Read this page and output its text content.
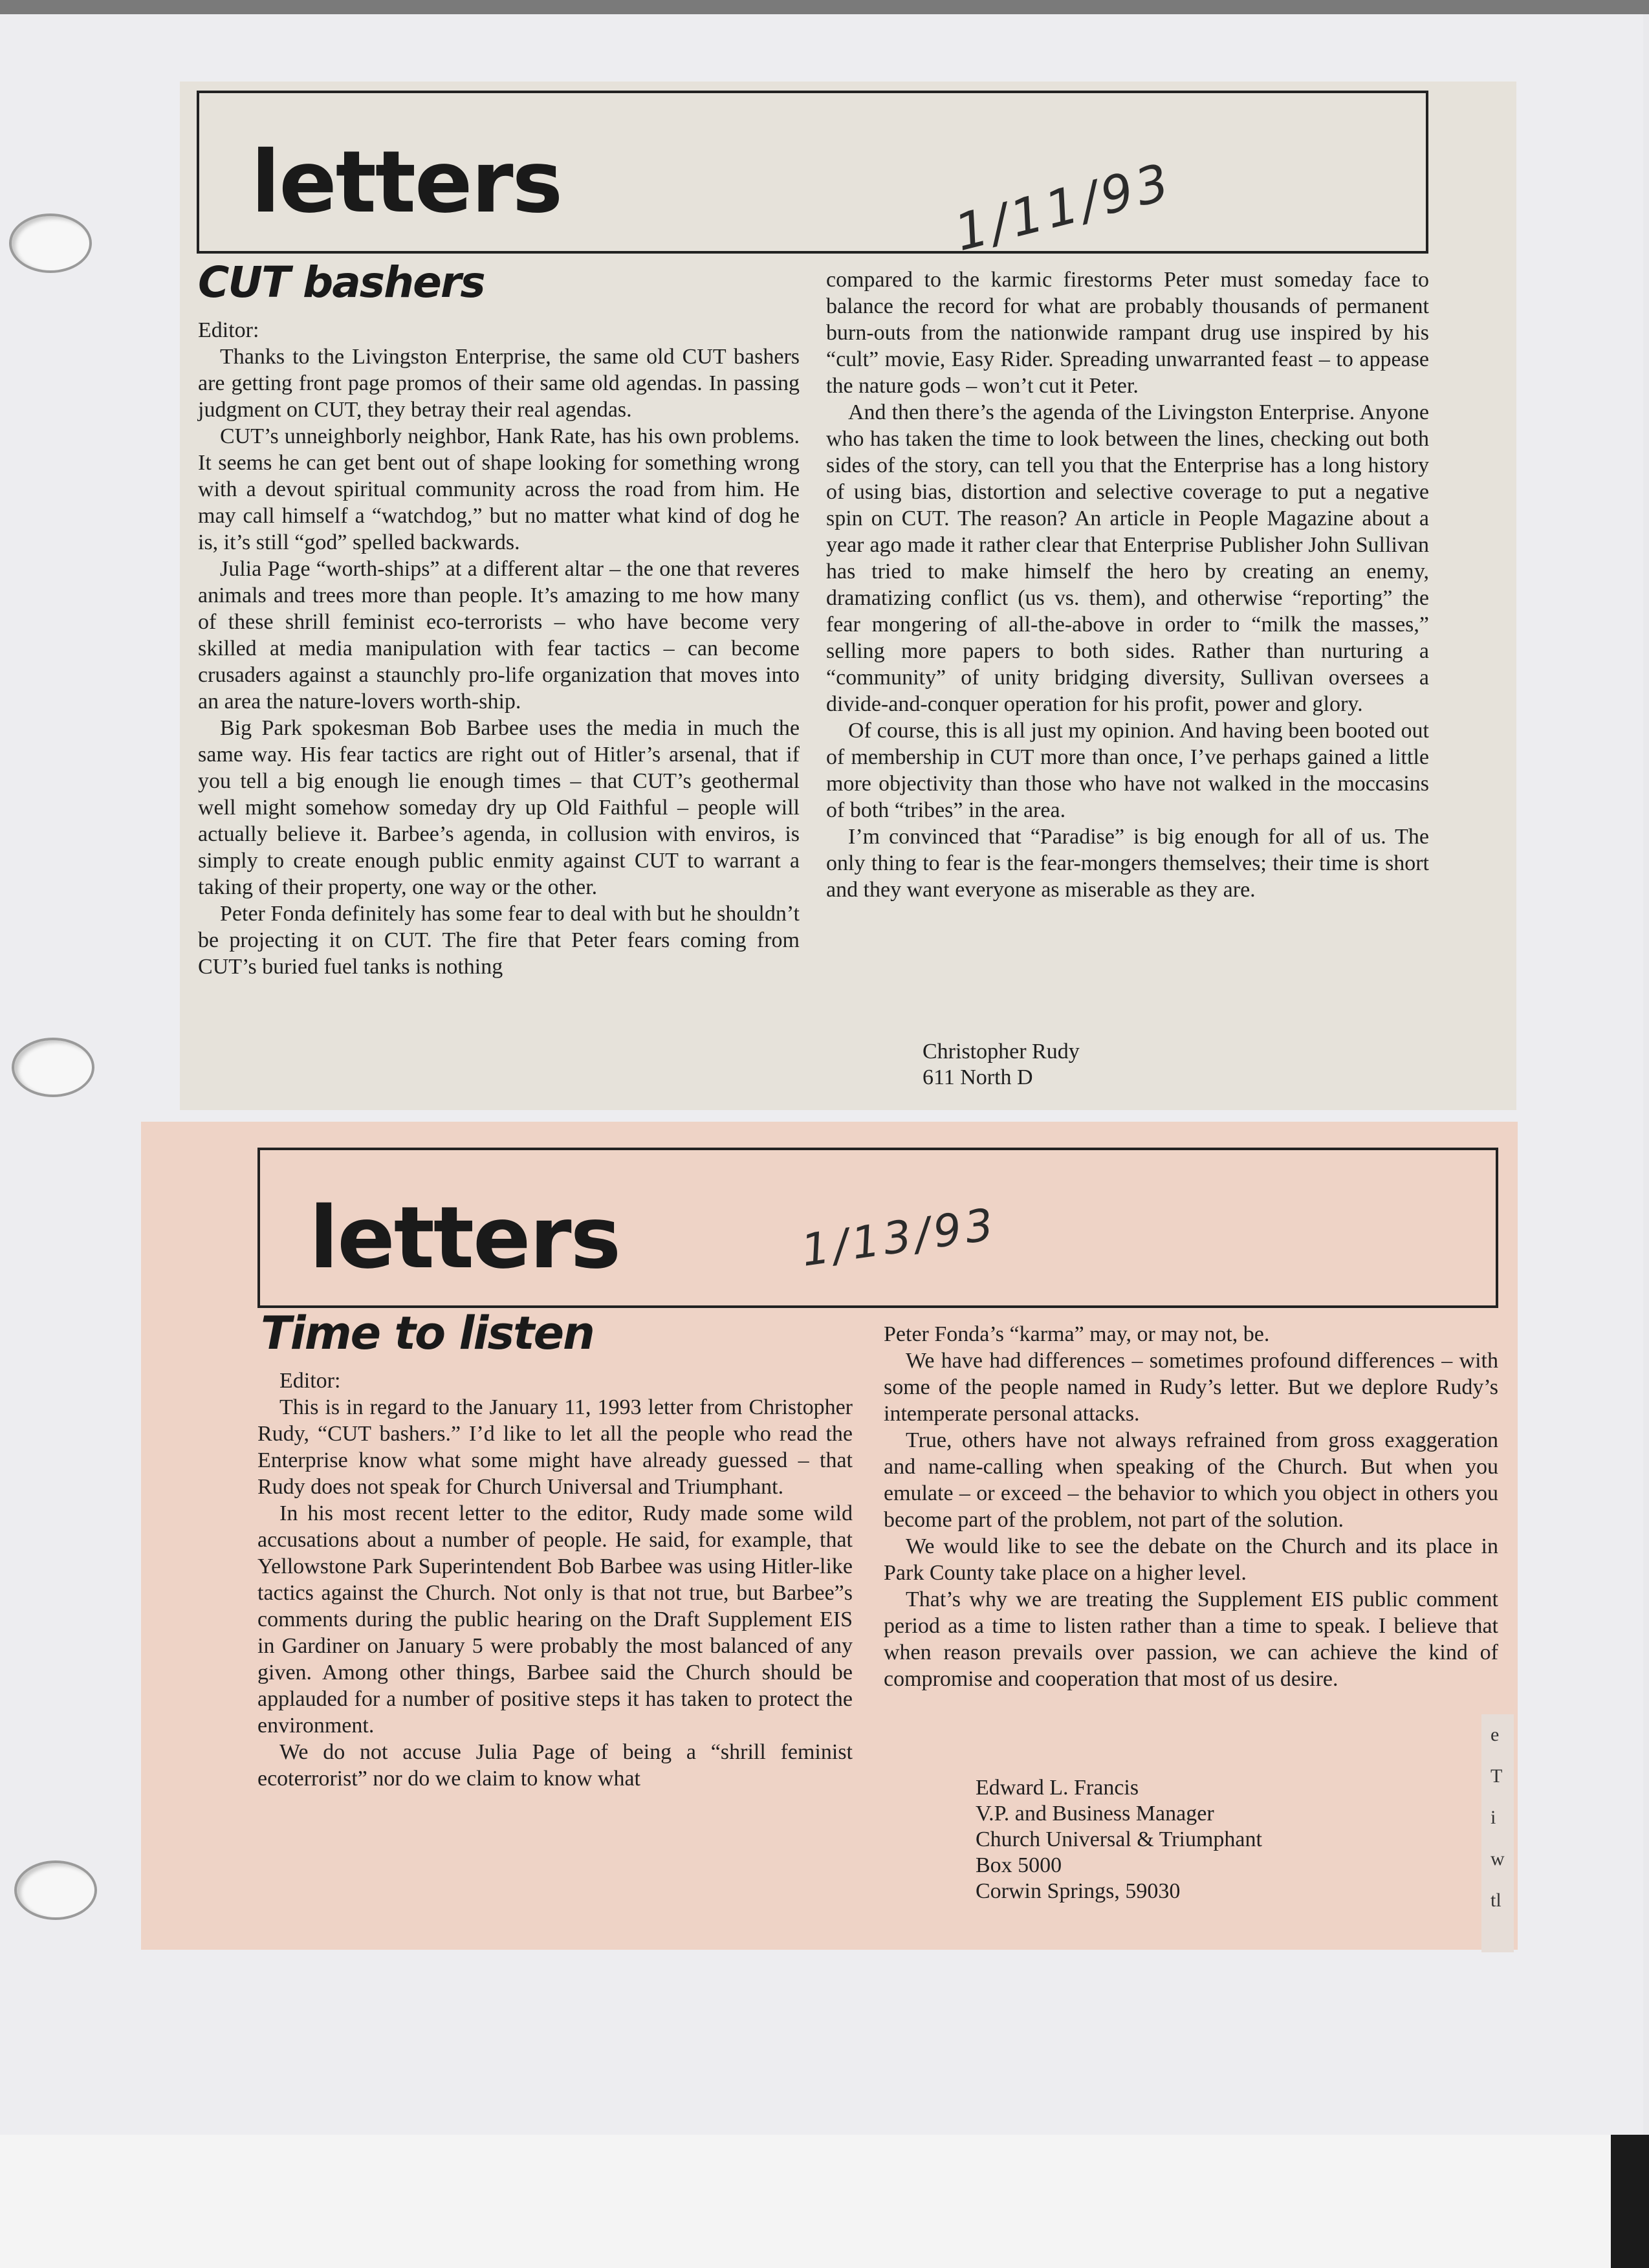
letters	1/11/93
CUT bashers

Editor:

Thanks to the Livingston Enterprise, the same old CUT bashers are getting front page promos of their same old agendas. In passing judgment on CUT, they betray their real agendas.

CUT’s unneighborly neighbor, Hank Rate, has his own problems. It seems he can get bent out of shape looking for something wrong with a devout spiritual community across the road from him. He may call himself a “watchdog,” but no matter what kind of dog he is, it’s still “god” spelled backwards.

Julia Page “worth-ships” at a different altar – the one that reveres animals and trees more than people. It’s amazing to me how many of these shrill feminist eco-terrorists – who have become very skilled at media manipulation with fear tactics – can become crusaders against a staunchly pro-life organization that moves into an area the nature-lovers worth-ship.

Big Park spokesman Bob Barbee uses the media in much the same way. His fear tactics are right out of Hitler’s arsenal, that if you tell a big enough lie enough times – that CUT’s geothermal well might somehow someday dry up Old Faithful – people will actually believe it. Barbee’s agenda, in collusion with enviros, is simply to create enough public enmity against CUT to warrant a taking of their property, one way or the other.

Peter Fonda definitely has some fear to deal with but he shouldn’t be projecting it on CUT. The fire that Peter fears coming from CUT’s buried fuel tanks is nothing

compared to the karmic firestorms Peter must someday face to balance the record for what are probably thousands of permanent burn-outs from the nationwide rampant drug use inspired by his “cult” movie, Easy Rider. Spreading unwarranted feast – to appease the nature gods – won’t cut it Peter.

And then there’s the agenda of the Livingston Enterprise. Anyone who has taken the time to look between the lines, checking out both sides of the story, can tell you that the Enterprise has a long history of using bias, distortion and selective coverage to put a negative spin on CUT. The reason? An article in People Magazine about a year ago made it rather clear that Enterprise Publisher John Sullivan has tried to make himself the hero by creating an enemy, dramatizing conflict (us vs. them), and otherwise “reporting” the fear mongering of all-the-above in order to “milk the masses,” selling more papers to both sides. Rather than nurturing a “community” of unity bridging diversity, Sullivan oversees a divide-and-conquer operation for his profit, power and glory.

Of course, this is all just my opinion. And having been booted out of membership in CUT more than once, I’ve perhaps gained a little more objectivity than those who have not walked in the moccasins of both “tribes” in the area.

I’m convinced that “Paradise” is big enough for all of us. The only thing to fear is the fear-mongers themselves; their time is short and they want everyone as miserable as they are.

Christopher Rudy
611 North D
letters	1/13/93
Time to listen

Editor:

This is in regard to the January 11, 1993 letter from Christopher Rudy, “CUT bashers.” I’d like to let all the people who read the Enterprise know what some might have already guessed – that Rudy does not speak for Church Universal and Triumphant.

In his most recent letter to the editor, Rudy made some wild accusations about a number of people. He said, for example, that Yellowstone Park Superintendent Bob Barbee was using Hitler-like tactics against the Church. Not only is that not true, but Barbee”s comments during the public hearing on the Draft Supplement EIS in Gardiner on January 5 were probably the most balanced of any given. Among other things, Barbee said the Church should be applauded for a number of positive steps it has taken to protect the environment.

We do not accuse Julia Page of being a “shrill feminist ecoterrorist” nor do we claim to know what

Peter Fonda’s “karma” may, or may not, be.

We have had differences – sometimes profound differences – with some of the people named in Rudy’s letter. But we deplore Rudy’s intemperate personal attacks.

True, others have not always refrained from gross exaggeration and name-calling when speaking of the Church. But when you emulate – or exceed – the behavior to which you object in others you become part of the problem, not part of the solution.

We would like to see the debate on the Church and its place in Park County take place on a higher level.

That’s why we are treating the Supplement EIS public comment period as a time to listen rather than a time to speak. I believe that when reason prevails over passion, we can achieve the kind of compromise and cooperation that most of us desire.

Edward L. Francis
V.P. and Business Manager
Church Universal & Triumphant
Box 5000
Corwin Springs, 59030
e
T
i
w
tl
